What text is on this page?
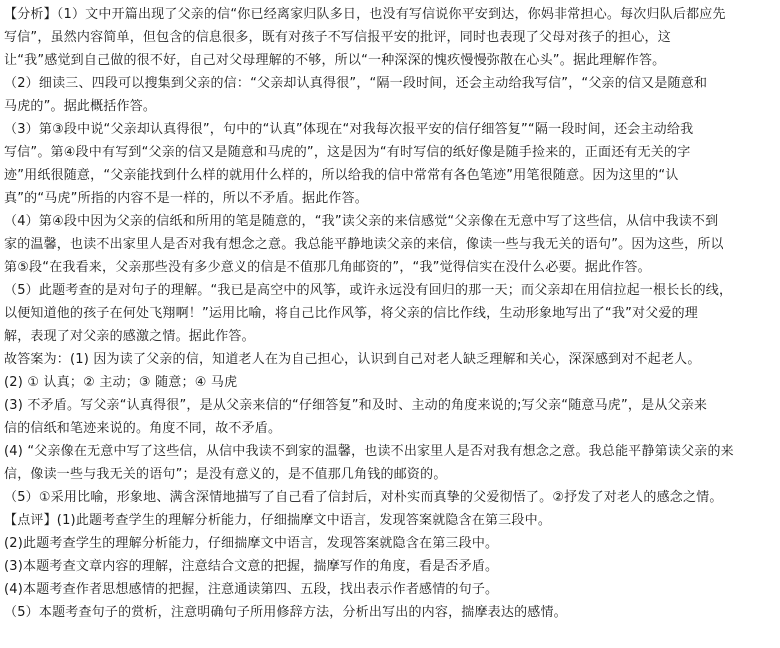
【分析】（1）文中开篇出现了父亲的信“你已经离家归队多日，也没有写信说你平安到达，你妈非常担心。每次归队后都应先
写信”，虽然内容简单，但包含的信息很多，既有对孩子不写信报平安的批评，同时也表现了父母对孩子的担心，这
让“我”感觉到自己做的很不好，自己对父母理解的不够，所以“一种深深的愧疚慢慢弥散在心头”。据此理解作答。
（2）细读三、四段可以搜集到父亲的信：“父亲却认真得很”，“隔一段时间，还会主动给我写信”，“父亲的信又是随意和
马虎的”。据此概括作答。
（3）第③段中说“父亲却认真得很”，句中的“认真”体现在“对我每次报平安的信仔细答复”“隔一段时间，还会主动给我
写信”。第④段中有写到“父亲的信又是随意和马虎的”，这是因为“有时写信的纸好像是随手捡来的，正面还有无关的字
迹”用纸很随意，“父亲能找到什么样的就用什么样的，所以给我的信中常常有各色笔迹”用笔很随意。因为这里的“认
真”的“马虎”所指的内容不是一样的，所以不矛盾。据此作答。
（4）第④段中因为父亲的信纸和所用的笔是随意的，“我”读父亲的来信感觉“父亲像在无意中写了这些信，从信中我读不到
家的温馨，也读不出家里人是否对我有想念之意。我总能平静地读父亲的来信，像读一些与我无关的语句”。因为这些，所以
第⑤段“在我看来，父亲那些没有多少意义的信是不值那几角邮资的”，“我”觉得信实在没什么必要。据此作答。
（5）此题考查的是对句子的理解。“我已是高空中的风筝，或许永远没有回归的那一天；而父亲却在用信拉起一根长长的线，
以便知道他的孩子在何处飞翔啊！”运用比喻，将自己比作风筝，将父亲的信比作线，生动形象地写出了“我”对父爱的理
解，表现了对父亲的感激之情。据此作答。
故答案为：(1) 因为读了父亲的信，知道老人在为自己担心，认识到自己对老人缺乏理解和关心，深深感到对不起老人。
(2) ① 认真；② 主动；③ 随意；④ 马虎
(3) 不矛盾。写父亲“认真得很”，是从父亲来信的“仔细答复”和及时、主动的角度来说的;写父亲“随意马虎”，是从父亲来
信的信纸和笔迹来说的。角度不同，故不矛盾。
(4) “父亲像在无意中写了这些信，从信中我读不到家的温馨，也读不出家里人是否对我有想念之意。我总能平静第读父亲的来
信，像读一些与我无关的语句”；是没有意义的，是不值那几角钱的邮资的。
（5）①采用比喻，形象地、满含深情地描写了自己看了信封后，对朴实而真挚的父爱彻悟了。②抒发了对老人的感念之情。
【点评】(1)此题考查学生的理解分析能力，仔细揣摩文中语言，发现答案就隐含在第三段中。
(2)此题考查学生的理解分析能力，仔细揣摩文中语言，发现答案就隐含在第三段中。
(3)本题考查文章内容的理解，注意结合文意的把握，揣摩写作的角度，看是否矛盾。
(4)本题考查作者思想感情的把握，注意通读第四、五段，找出表示作者感情的句子。
（5）本题考查句子的赏析，注意明确句子所用修辞方法，分析出写出的内容，揣摩表达的感情。
